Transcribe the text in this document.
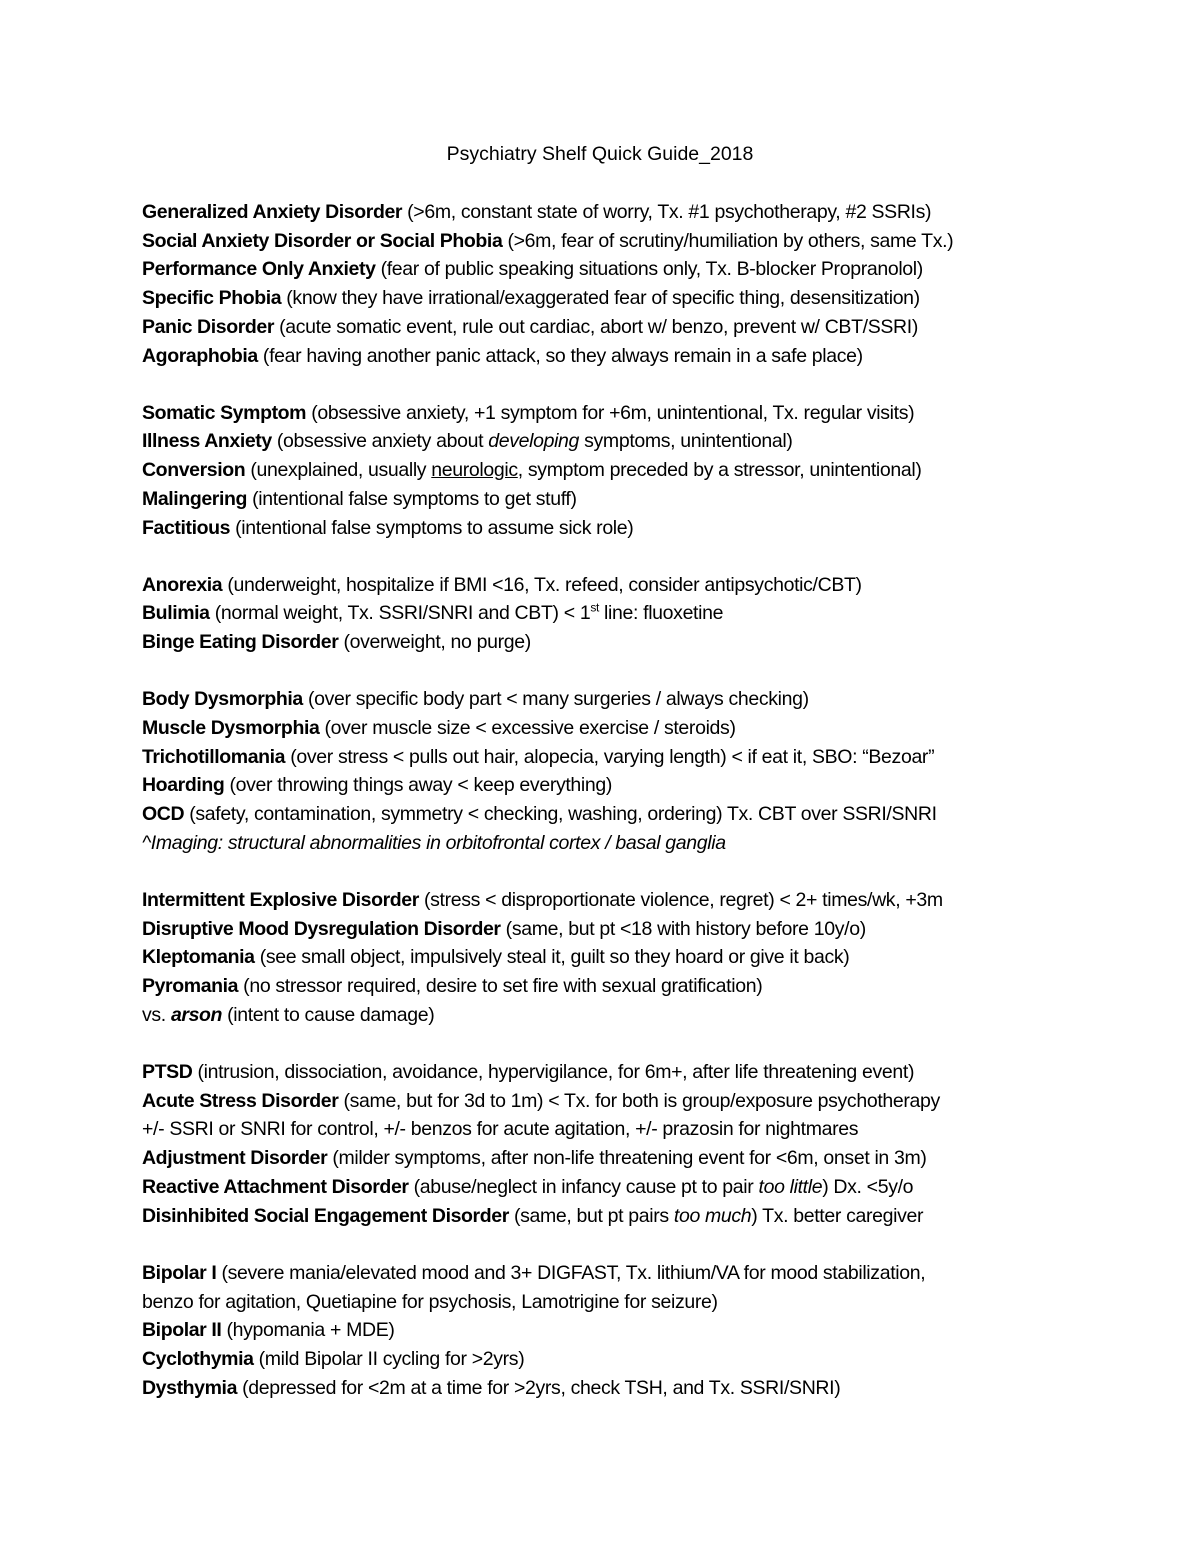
Psychiatry Shelf Quick Guide_2018
Generalized Anxiety Disorder (>6m, constant state of worry, Tx. #1 psychotherapy, #2 SSRIs)
Social Anxiety Disorder or Social Phobia (>6m, fear of scrutiny/humiliation by others, same Tx.)
Performance Only Anxiety (fear of public speaking situations only, Tx. B-blocker Propranolol)
Specific Phobia (know they have irrational/exaggerated fear of specific thing, desensitization)
Panic Disorder (acute somatic event, rule out cardiac, abort w/ benzo, prevent w/ CBT/SSRI)
Agoraphobia (fear having another panic attack, so they always remain in a safe place)
Somatic Symptom (obsessive anxiety, +1 symptom for +6m, unintentional, Tx. regular visits)
Illness Anxiety (obsessive anxiety about developing symptoms, unintentional)
Conversion (unexplained, usually neurologic, symptom preceded by a stressor, unintentional)
Malingering (intentional false symptoms to get stuff)
Factitious (intentional false symptoms to assume sick role)
Anorexia (underweight, hospitalize if BMI <16, Tx. refeed, consider antipsychotic/CBT)
Bulimia (normal weight, Tx. SSRI/SNRI and CBT) < 1st line: fluoxetine
Binge Eating Disorder (overweight, no purge)
Body Dysmorphia (over specific body part < many surgeries / always checking)
Muscle Dysmorphia (over muscle size < excessive exercise / steroids)
Trichotillomania (over stress < pulls out hair, alopecia, varying length) < if eat it, SBO: “Bezoar”
Hoarding (over throwing things away < keep everything)
OCD (safety, contamination, symmetry < checking, washing, ordering) Tx. CBT over SSRI/SNRI
^Imaging: structural abnormalities in orbitofrontal cortex / basal ganglia
Intermittent Explosive Disorder (stress < disproportionate violence, regret) < 2+ times/wk, +3m
Disruptive Mood Dysregulation Disorder (same, but pt <18 with history before 10y/o)
Kleptomania (see small object, impulsively steal it, guilt so they hoard or give it back)
Pyromania (no stressor required, desire to set fire with sexual gratification)
vs. arson (intent to cause damage)
PTSD (intrusion, dissociation, avoidance, hypervigilance, for 6m+, after life threatening event)
Acute Stress Disorder (same, but for 3d to 1m) < Tx. for both is group/exposure psychotherapy
+/- SSRI or SNRI for control, +/- benzos for acute agitation, +/- prazosin for nightmares
Adjustment Disorder (milder symptoms, after non-life threatening event for <6m, onset in 3m)
Reactive Attachment Disorder (abuse/neglect in infancy cause pt to pair too little) Dx. <5y/o
Disinhibited Social Engagement Disorder (same, but pt pairs too much) Tx. better caregiver
Bipolar I (severe mania/elevated mood and 3+ DIGFAST, Tx. lithium/VA for mood stabilization,
benzo for agitation, Quetiapine for psychosis, Lamotrigine for seizure)
Bipolar II (hypomania + MDE)
Cyclothymia (mild Bipolar II cycling for >2yrs)
Dysthymia (depressed for <2m at a time for >2yrs, check TSH, and Tx. SSRI/SNRI)
